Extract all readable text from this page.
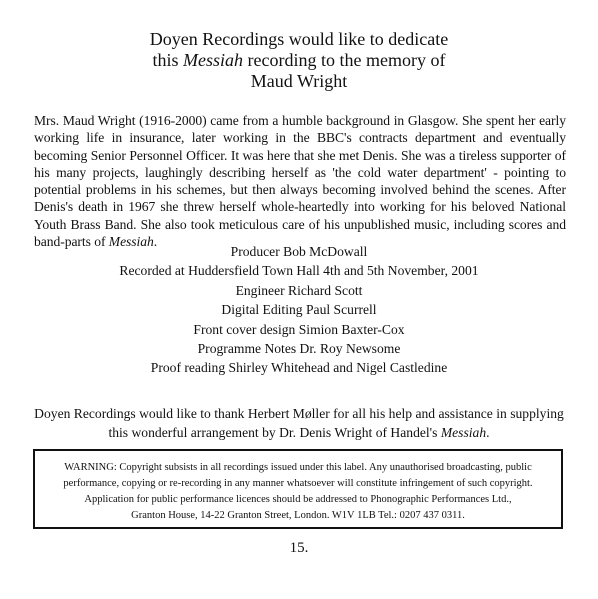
Doyen Recordings would like to dedicate
this Messiah recording to the memory of
Maud Wright
Mrs. Maud Wright (1916-2000) came from a humble background in Glasgow. She spent her early working life in insurance, later working in the BBC's contracts department and eventually becoming Senior Personnel Officer. It was here that she met Denis. She was a tireless supporter of his many projects, laughingly describing herself as 'the cold water department' - pointing to potential problems in his schemes, but then always becoming involved behind the scenes. After Denis's death in 1967 she threw herself whole-heartedly into working for his beloved National Youth Brass Band. She also took meticulous care of his unpublished music, including scores and band-parts of Messiah.
Producer Bob McDowall
Recorded at Huddersfield Town Hall 4th and 5th November, 2001
Engineer Richard Scott
Digital Editing Paul Scurrell
Front cover design Simion Baxter-Cox
Programme Notes Dr. Roy Newsome
Proof reading Shirley Whitehead and Nigel Castledine
Doyen Recordings would like to thank Herbert Møller for all his help and assistance in supplying
this wonderful arrangement by Dr. Denis Wright of Handel's Messiah.
WARNING: Copyright subsists in all recordings issued under this label. Any unauthorised broadcasting, public
performance, copying or re-recording in any manner whatsoever will constitute infringement of such copyright.
Application for public performance licences should be addressed to Phonographic Performances Ltd.,
Granton House, 14-22 Granton Street, London. W1V 1LB Tel.: 0207 437 0311.
15.
